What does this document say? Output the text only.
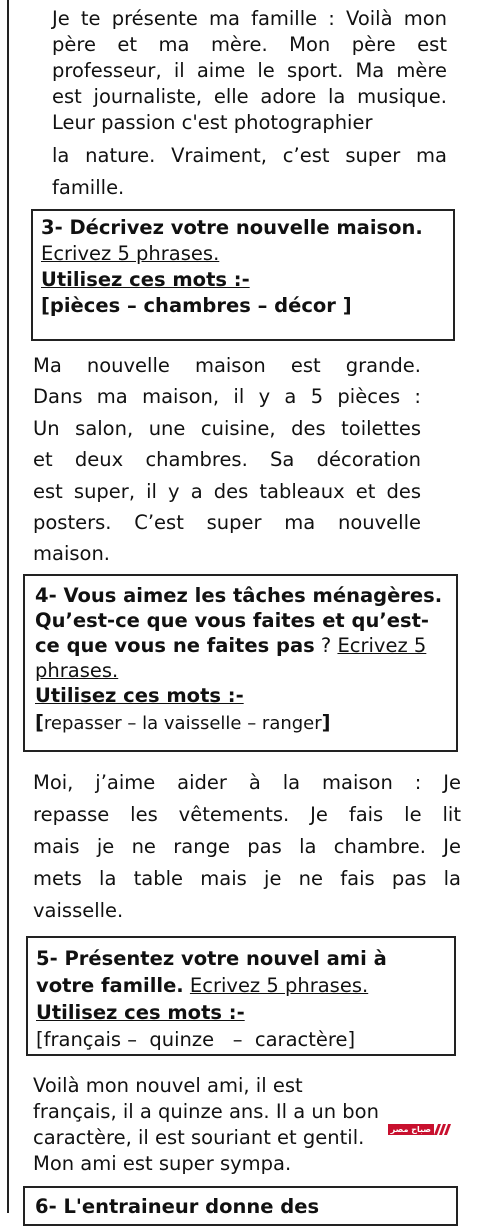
Je te présente ma famille : Voilà mon
père et ma mère. Mon père est
professeur, il aime le sport. Ma mère
est journaliste, elle adore la musique.
Leur passion c'est photographier
la nature. Vraiment, c’est super ma
famille.
3- Décrivez votre nouvelle maison.
Ecrivez 5 phrases.
Utilisez ces mots :-
[pièces – chambres – décor ]
Ma nouvelle maison est grande.
Dans ma maison, il y a 5 pièces :
Un salon, une cuisine, des toilettes
et deux chambres. Sa décoration
est super, il y a des tableaux et des
posters. C’est super ma nouvelle
maison.
4- Vous aimez les tâches ménagères. Qu’est-ce que vous faites et qu’est-ce que vous ne faites pas ? Ecrivez 5 phrases.
Utilisez ces mots :-
[repasser – la vaisselle – ranger]
Moi, j’aime aider à la maison : Je
repasse les vêtements. Je fais le lit
mais je ne range pas la chambre. Je
mets la table mais je ne fais pas la
vaisselle.
5- Présentez votre nouvel ami à votre famille. Ecrivez 5 phrases.
Utilisez ces mots :-
[français –  quinze   –  caractère]
Voilà mon nouvel ami, il est
français, il a quinze ans. Il a un bon
caractère, il est souriant et gentil.
Mon ami est super sympa.
صباح مصر
6- L'entraineur donne des
